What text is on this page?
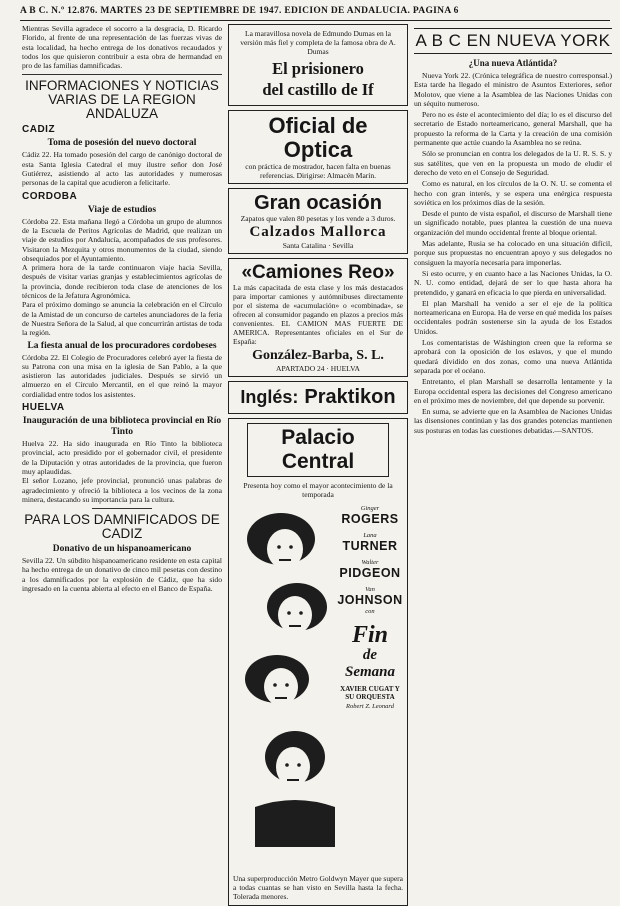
A B C. N.º 12.876. MARTES 23 DE SEPTIEMBRE DE 1947. EDICION DE ANDALUCIA. PAGINA 6

Mientras Sevilla agradece el socorro a la desgracia, D. Ricardo Florido, al frente de una representación de las fuerzas vivas de esta localidad, ha hecho entrega de los donativos recaudados y todos los que quisieron contribuir a esta obra de hermandad en pro de las familias damnificadas.

INFORMACIONES Y NOTICIAS VARIAS DE LA REGION ANDALUZA
CADIZ
Toma de posesión del nuevo doctoral

Cádiz 22. Ha tomado posesión del cargo de canónigo doctoral de esta Santa Iglesia Catedral el muy ilustre señor don José Gutiérrez, asistiendo al acto las autoridades y numerosas personas de la capital que acudieron a felicitarle.

CORDOBA
Viaje de estudios

Córdoba 22. Esta mañana llegó a Córdoba un grupo de alumnos de la Escuela de Peritos Agrícolas de Madrid, que realizan un viaje de estudios por Andalucía, acompañados de sus profesores. Visitaron la Mezquita y otros monumentos de la ciudad, siendo obsequiados por el Ayuntamiento.

A primera hora de la tarde continuaron viaje hacia Sevilla, después de visitar varias granjas y establecimientos agrícolas de la provincia, donde recibieron toda clase de atenciones de los técnicos de la Jefatura Agronómica.

Para el próximo domingo se anuncia la celebración en el Círculo de la Amistad de un concurso de carteles anunciadores de la feria de Nuestra Señora de la Salud, al que concurrirán artistas de toda la región.

La fiesta anual de los procuradores cordobeses

Córdoba 22. El Colegio de Procuradores celebró ayer la fiesta de su Patrona con una misa en la iglesia de San Pablo, a la que asistieron las autoridades judiciales. Después se sirvió un almuerzo en el Círculo Mercantil, en el que reinó la mayor cordialidad entre todos los asistentes.

HUELVA
Inauguración de una biblioteca provincial en Río Tinto

Huelva 22. Ha sido inaugurada en Río Tinto la biblioteca provincial, acto presidido por el gobernador civil, el presidente de la Diputación y otras autoridades de la provincia, que fueron muy aplaudidas.

El señor Lozano, jefe provincial, pronunció unas palabras de agradecimiento y ofreció la biblioteca a los vecinos de la zona minera, destacando su importancia para la cultura.

PARA LOS DAMNIFICADOS DE CADIZ
Donativo de un hispanoamericano

Sevilla 22. Un súbdito hispanoamericano residente en esta capital ha hecho entrega de un donativo de cinco mil pesetas con destino a los damnificados por la explosión de Cádiz, que ha sido ingresado en la cuenta abierta al efecto en el Banco de España.

La maravillosa novela de Edmundo Dumas en la versión más fiel y completa de la famosa obra de A. Dumas

El prisionero
del castillo de If
Oficial de Optica

con práctica de mostrador, hacen falta en buenas referencias. Dirigirse: Almacén Marín.

Gran ocasión

Zapatos que valen 80 pesetas y los vende a 3 duros.

Calzados Mallorca

Santa Catalina · Sevilla

«Camiones Reo»

La más capacitada de esta clase y los más destacados para importar camiones y autómnibuses directamente por el sistema de «acumulación» o «combinada», se ofrecen al consumidor pagando en plazos a precios más convenientes. EL CAMION MAS FUERTE DE AMERICA. Representantes oficiales en el Sur de España:

González-Barba, S. L.

APARTADO 24 · HUELVA

Inglés: Praktikon
Palacio Central

Presenta hoy como el mayor acontecimiento de la temporada

Ginger

ROGERS

Lana

TURNER

Walter

PIDGEON

Van

JOHNSON

con

Fin

de Semana

XAVIER CUGAT Y SU ORQUESTA

Robert Z. Leonard

Una superproducción Metro Goldwyn Mayer que supera a todas cuantas se han visto en Sevilla hasta la fecha. Tolerada menores.
A B C EN NUEVA YORK
¿Una nueva Atlántida?

Nueva York 22. (Crónica telegráfica de nuestro corresponsal.) Esta tarde ha llegado el ministro de Asuntos Exteriores, señor Molotov, que viene a la Asamblea de las Naciones Unidas con un séquito numeroso.

Pero no es éste el acontecimiento del día; lo es el discurso del secretario de Estado norteamericano, general Marshall, que ha propuesto la reforma de la Carta y la creación de una comisión permanente que actúe cuando la Asamblea no se reúna.

Sólo se pronuncian en contra los delegados de la U. R. S. S. y sus satélites, que ven en la propuesta un modo de eludir el derecho de veto en el Consejo de Seguridad.

Como es natural, en los círculos de la O. N. U. se comenta el hecho con gran interés, y se espera una enérgica respuesta soviética en los próximos días de la sesión.

Desde el punto de vista español, el discurso de Marshall tiene un significado notable, pues plantea la cuestión de una nueva organización del mundo occidental frente al bloque oriental.

Mas adelante, Rusia se ha colocado en una situación difícil, porque sus propuestas no encuentran apoyo y sus delegados no consiguen la mayoría necesaria para imponerlas.

Si esto ocurre, y en cuanto hace a las Naciones Unidas, la O. N. U. como entidad, dejará de ser lo que hasta ahora ha pretendido, y ganará en eficacia lo que pierda en universalidad.

El plan Marshall ha venido a ser el eje de la política norteamericana en Europa. Ha de verse en qué medida los países occidentales podrán sostenerse sin la ayuda de los Estados Unidos.

Los comentaristas de Wáshington creen que la reforma se aprobará con la oposición de los eslavos, y que el mundo quedará dividido en dos zonas, como una nueva Atlántida separada por el océano.

Entretanto, el plan Marshall se desarrolla lentamente y la Europa occidental espera las decisiones del Congreso americano en el próximo mes de noviembre, del que depende su porvenir.

En suma, se advierte que en la Asamblea de Naciones Unidas las disensiones continúan y las dos grandes potencias mantienen sus posturas en todas las cuestiones debatidas.—SANTOS.
